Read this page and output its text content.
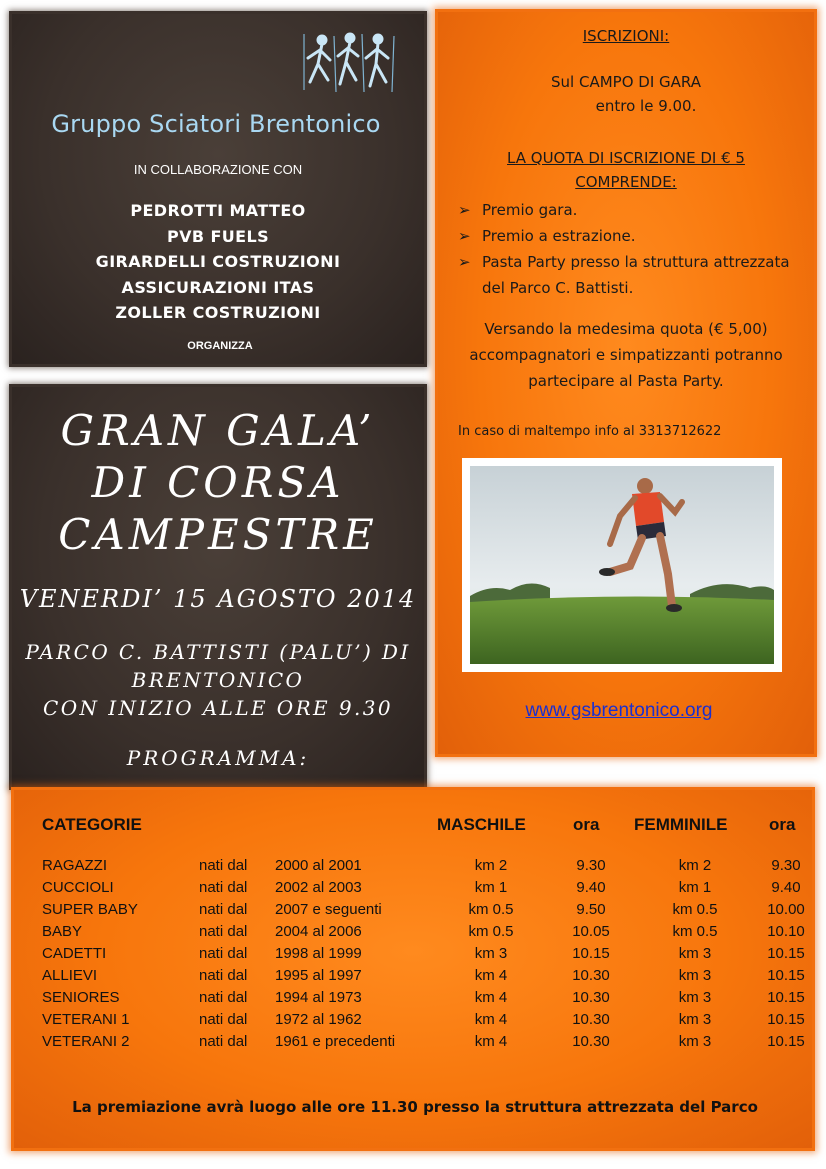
Gruppo Sciatori Brentonico
IN COLLABORAZIONE CON
PEDROTTI MATTEO
PVB FUELS
GIRARDELLI COSTRUZIONI
ASSICURAZIONI ITAS
ZOLLER COSTRUZIONI
ORGANIZZA
GRAN GALA’
DI CORSA
CAMPESTRE
VENERDI’ 15 AGOSTO 2014
PARCO C. BATTISTI (PALU’) DI
BRENTONICO
CON INIZIO ALLE ORE 9.30
PROGRAMMA:
ISCRIZIONI:
Sul CAMPO DI GARA
entro le 9.00.
LA QUOTA DI ISCRIZIONE DI € 5
COMPRENDE:
➢ Premio gara.
➢ Premio a estrazione.
➢ Pasta Party presso la struttura attrezzata del Parco C. Battisti.
Versando la medesima quota (€ 5,00)
accompagnatori e simpatizzanti potranno
partecipare al Pasta Party.
In caso di maltempo info al 3313712622
www.gsbrentonico.org
CATEGORIE	MASCHILE	ora FEMMINILE ora
RAGAZZI	nati dal 2000 al 2001	km 2	9.30	km 2	9.30
CUCCIOLI	nati dal 2002 al 2003	km 1	9.40	km 1	9.40
SUPER BABY	nati dal 2007 e seguenti	km 0.5	9.50	km 0.5	10.00
BABY	nati dal 2004 al 2006	km 0.5	10.05	km 0.5	10.10
CADETTI	nati dal 1998 al 1999	km 3	10.15	km 3	10.15
ALLIEVI	nati dal 1995 al 1997	km 4	10.30	km 3	10.15
SENIORES	nati dal 1994 al 1973	km 4	10.30	km 3	10.15
VETERANI 1	nati dal 1972 al 1962	km 4	10.30	km 3	10.15
VETERANI 2	nati dal 1961 e precedenti	km 4	10.30	km 3	10.15
La premiazione avrà luogo alle ore 11.30 presso la struttura attrezzata del Parco
